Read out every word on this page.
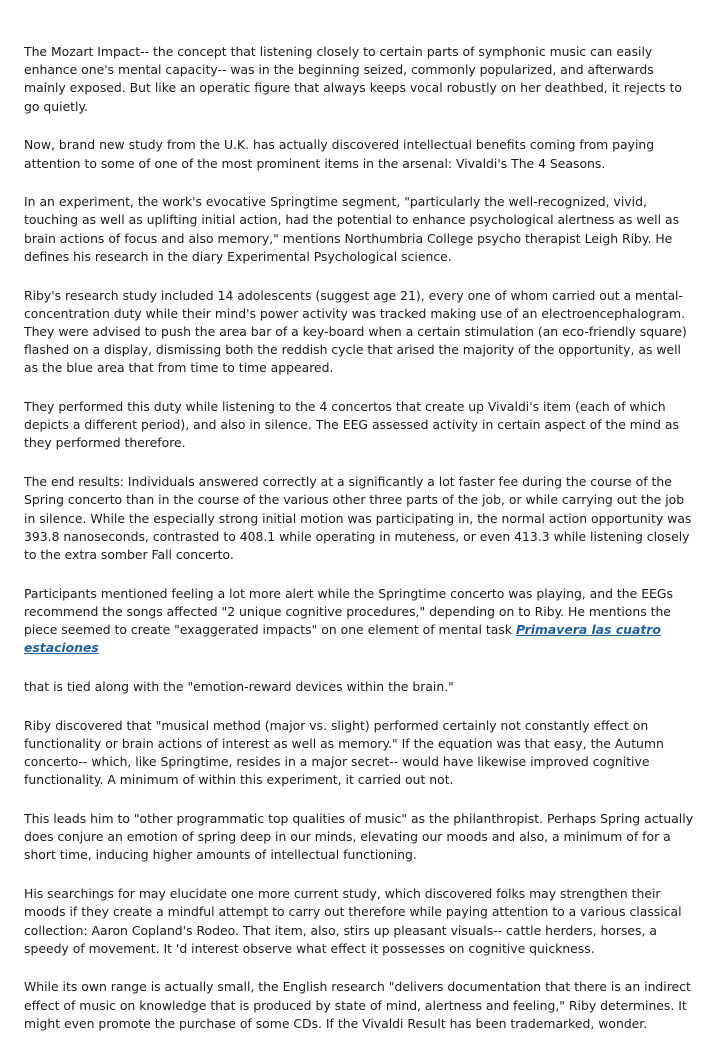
The Mozart Impact-- the concept that listening closely to certain parts of symphonic music can easily enhance one's mental capacity-- was in the beginning seized, commonly popularized, and afterwards mainly exposed. But like an operatic figure that always keeps vocal robustly on her deathbed, it rejects to go quietly.

Now, brand new study from the U.K. has actually discovered intellectual benefits coming from paying attention to some of one of the most prominent items in the arsenal: Vivaldi's The 4 Seasons.

In an experiment, the work's evocative Springtime segment, "particularly the well-recognized, vivid, touching as well as uplifting initial action, had the potential to enhance psychological alertness as well as brain actions of focus and also memory," mentions Northumbria College psycho therapist Leigh Riby. He defines his research in the diary Experimental Psychological science.

Riby's research study included 14 adolescents (suggest age 21), every one of whom carried out a mental-concentration duty while their mind's power activity was tracked making use of an electroencephalogram. They were advised to push the area bar of a key-board when a certain stimulation (an eco-friendly square) flashed on a display, dismissing both the reddish cycle that arised the majority of the opportunity, as well as the blue area that from time to time appeared.

They performed this duty while listening to the 4 concertos that create up Vivaldi's item (each of which depicts a different period), and also in silence. The EEG assessed activity in certain aspect of the mind as they performed therefore.

The end results: Individuals answered correctly at a significantly a lot faster fee during the course of the Spring concerto than in the course of the various other three parts of the job, or while carrying out the job in silence. While the especially strong initial motion was participating in, the normal action opportunity was 393.8 nanoseconds, contrasted to 408.1 while operating in muteness, or even 413.3 while listening closely to the extra somber Fall concerto.

Participants mentioned feeling a lot more alert while the Springtime concerto was playing, and the EEGs recommend the songs affected "2 unique cognitive procedures," depending on to Riby. He mentions the piece seemed to create "exaggerated impacts" on one element of mental task Primavera las cuatro estaciones

that is tied along with the "emotion-reward devices within the brain."

Riby discovered that "musical method (major vs. slight) performed certainly not constantly effect on functionality or brain actions of interest as well as memory." If the equation was that easy, the Autumn concerto-- which, like Springtime, resides in a major secret-- would have likewise improved cognitive functionality. A minimum of within this experiment, it carried out not.

This leads him to "other programmatic top qualities of music" as the philanthropist. Perhaps Spring actually does conjure an emotion of spring deep in our minds, elevating our moods and also, a minimum of for a short time, inducing higher amounts of intellectual functioning.

His searchings for may elucidate one more current study, which discovered folks may strengthen their moods if they create a mindful attempt to carry out therefore while paying attention to a various classical collection: Aaron Copland's Rodeo. That item, also, stirs up pleasant visuals-- cattle herders, horses, a speedy of movement. It 'd interest observe what effect it possesses on cognitive quickness.

While its own range is actually small, the English research "delivers documentation that there is an indirect effect of music on knowledge that is produced by state of mind, alertness and feeling," Riby determines. It might even promote the purchase of some CDs. If the Vivaldi Result has been trademarked, wonder.
